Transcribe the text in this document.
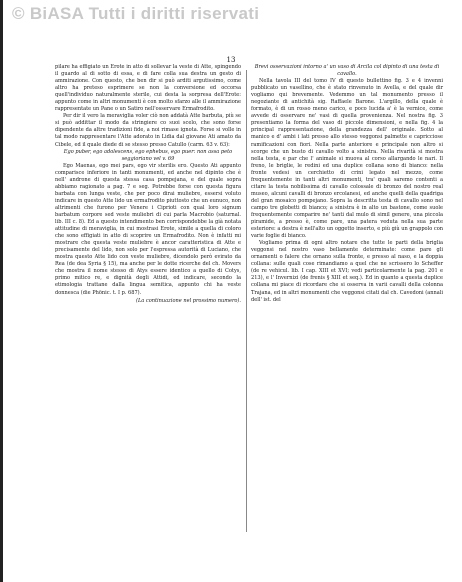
© BiASA Tutti i diritti riservati
13

pilare ha effigiato un Erote in atto di sollevar la veste di Atte, spingendo il guardo al di sotto di essa, e di fare colla sua destra un gesto di ammirazione. Con questo, che ben dir si può arditi argutissimo, come altro ha preteso esprimere se non la conversione ed occorsa quell'individuo naturalmente sterile, cui desta la sorpresa dell'Erote: appunto come in altri monumenti è con molto sfarzo alle il ammirazione rappresentate un Pane o un Satiro nell'osservare Ermafrodito.

Per dir il vero la meraviglia voler ciò non addatà Atte barbuta, più se si può addittar il modo da stringiere co suoi scelo, che sono forse dipendente da altre tradizioni fide, a noi rimase ignota. Forse si volle in tal modo rappresentare l'Atte adorato in Lidia dal giovane Ati amato da Cibele, ed il quale diede di se stesso presso Catullo (carm. 63 v. 63):

Ego puber, ego adolescens, ego ephebus, ego puer: non assa peto seggioriano vel v. 69

Ego Maenas, ego mei pars, ego vir sterilis ero. Questo Ati appunto comparisce inferiore in tanti monumenti, ed anche nel dipinto che è nell' androne di questa stessa casa pompejana, e del quale sopra abbiamo ragionato a pag. 7 e seg. Potrebbe forse con questa figura barbata con lunga veste, che per poco dirai muliebre, essersi voluto indicare in questo Atte lido un ermafrodito piuttosto che un eunuco, non altrimenti che furono per Venere i Ciprioti con qual loro signum barbatum corpore sed veste muliebri di cui parla Macrobio (saturnal. lib. III c. 8). Ed a questo intendimento ben corrispondebbe la già notata attitudine di meraviglia, in cui mostrasi Erote, simile a quella di coloro che sono effigiati in atto di scoprire un Ermafrodito. Non è infatti mi mostrare che questa veste muliebre è ancor caratteristica di Atte e precisamente del lido, non solo per l'espressa autorità di Luciano, che mostra questo Atte lido con veste muliebre, dicendolo però evirato da Rea (de dea Syria § 15), ma anche per le dotte ricerche del ch. Movers che mostra il nome stesso di Atys essere identico a quello di Cotys, primo mitico re, e dignità degli Attidi, ed indicare, secondo la etimologia trattane dalla lingua semitica, appunto chi ha veste donnesca (die Phönic. t. I p. 687).

(La continuazione nel prossimo numero).

Brevi osservazioni intorno a' un vaso di Arcila col dipinto di una testa di cavallo.

Nella tavola III del tomo IV di questo bullettino fig. 3 e 4 invenni pubblicato un vasellino, che è stato rinvenuto in Avella, e del quale dir vogliamo qui brevemente. Vedemmo un tal monumento presso il negoziante di antichità sig. Raffaele Barone. L'argillo, della quale è formato, è di un rosso meno carico, e poco lucida a' è la vernice, come avvede di osservare ne' vasi di quella provenienza. Nel nostra fig. 3 presentiamo la forma del vaso di piccole dimensioni, e nella fig. 4 la principal rappresentazione, della grandezza dell' originale. Sotto al manico e d' ambi i lati presso allo stesso veggonsi palmette e capricciose ramificazioni con fiori. Nella parte anteriore e principale non altro si scorge che un busto di cavallo volto a sinistra. Nella rivarità si mostra nella testa, e par che l' animale si muova al corso allargando le nari. Il freno, le briglie, le redini ed una duplice collana sono di bianco: nella fronte vedesi un cerchietto di crini legato nel mezzo, come frequentemente in tanti altri monumenti, tra' quali saremo contenti a citare la testa nobilissima di cavallo colossale di bronzo del nostro real museo, alcuni cavalli di bronzo ercolanesi, ed anche quelli della quadriga del gran mosaico pompejano. Sopra la descritta testa di cavallo sono nel campo tre globetti di bianco; a sinistra è in alto un bastone, come suole frequentemente comparire ne' tanti dal mulo di simil genere, una piccola piramide, a presso è, come pare, una patera veduta nella sua parte esteriore: a destra è nell'alto un oggetto inserto, e più giù un grappolo con varie foglie di bianco.

Vogliamo prima di ogni altro notare che tutte le parti della briglia veggonsi nel nostro vaso bellamente determinate: come pare gli ornamenti o falere che ornano sulla fronte, e presso al naso, e la doppia collana: sulle quali cose rimandiamo a quel che ne scrissero lo Scheffer (de re vehicul. lib. I cap. XIII et XVI; vedi particolarmente la pag. 201 e 213), e l' Invernizi (de frenis § XIII et seq.). Ed in quanto a questa duplice collana mi piace di ricordare che si osserva in varii cavalli della colonna Trajana, ed in altri monumenti che veggonsi citati dal ch. Cavedoni (annali dell' ist. del
